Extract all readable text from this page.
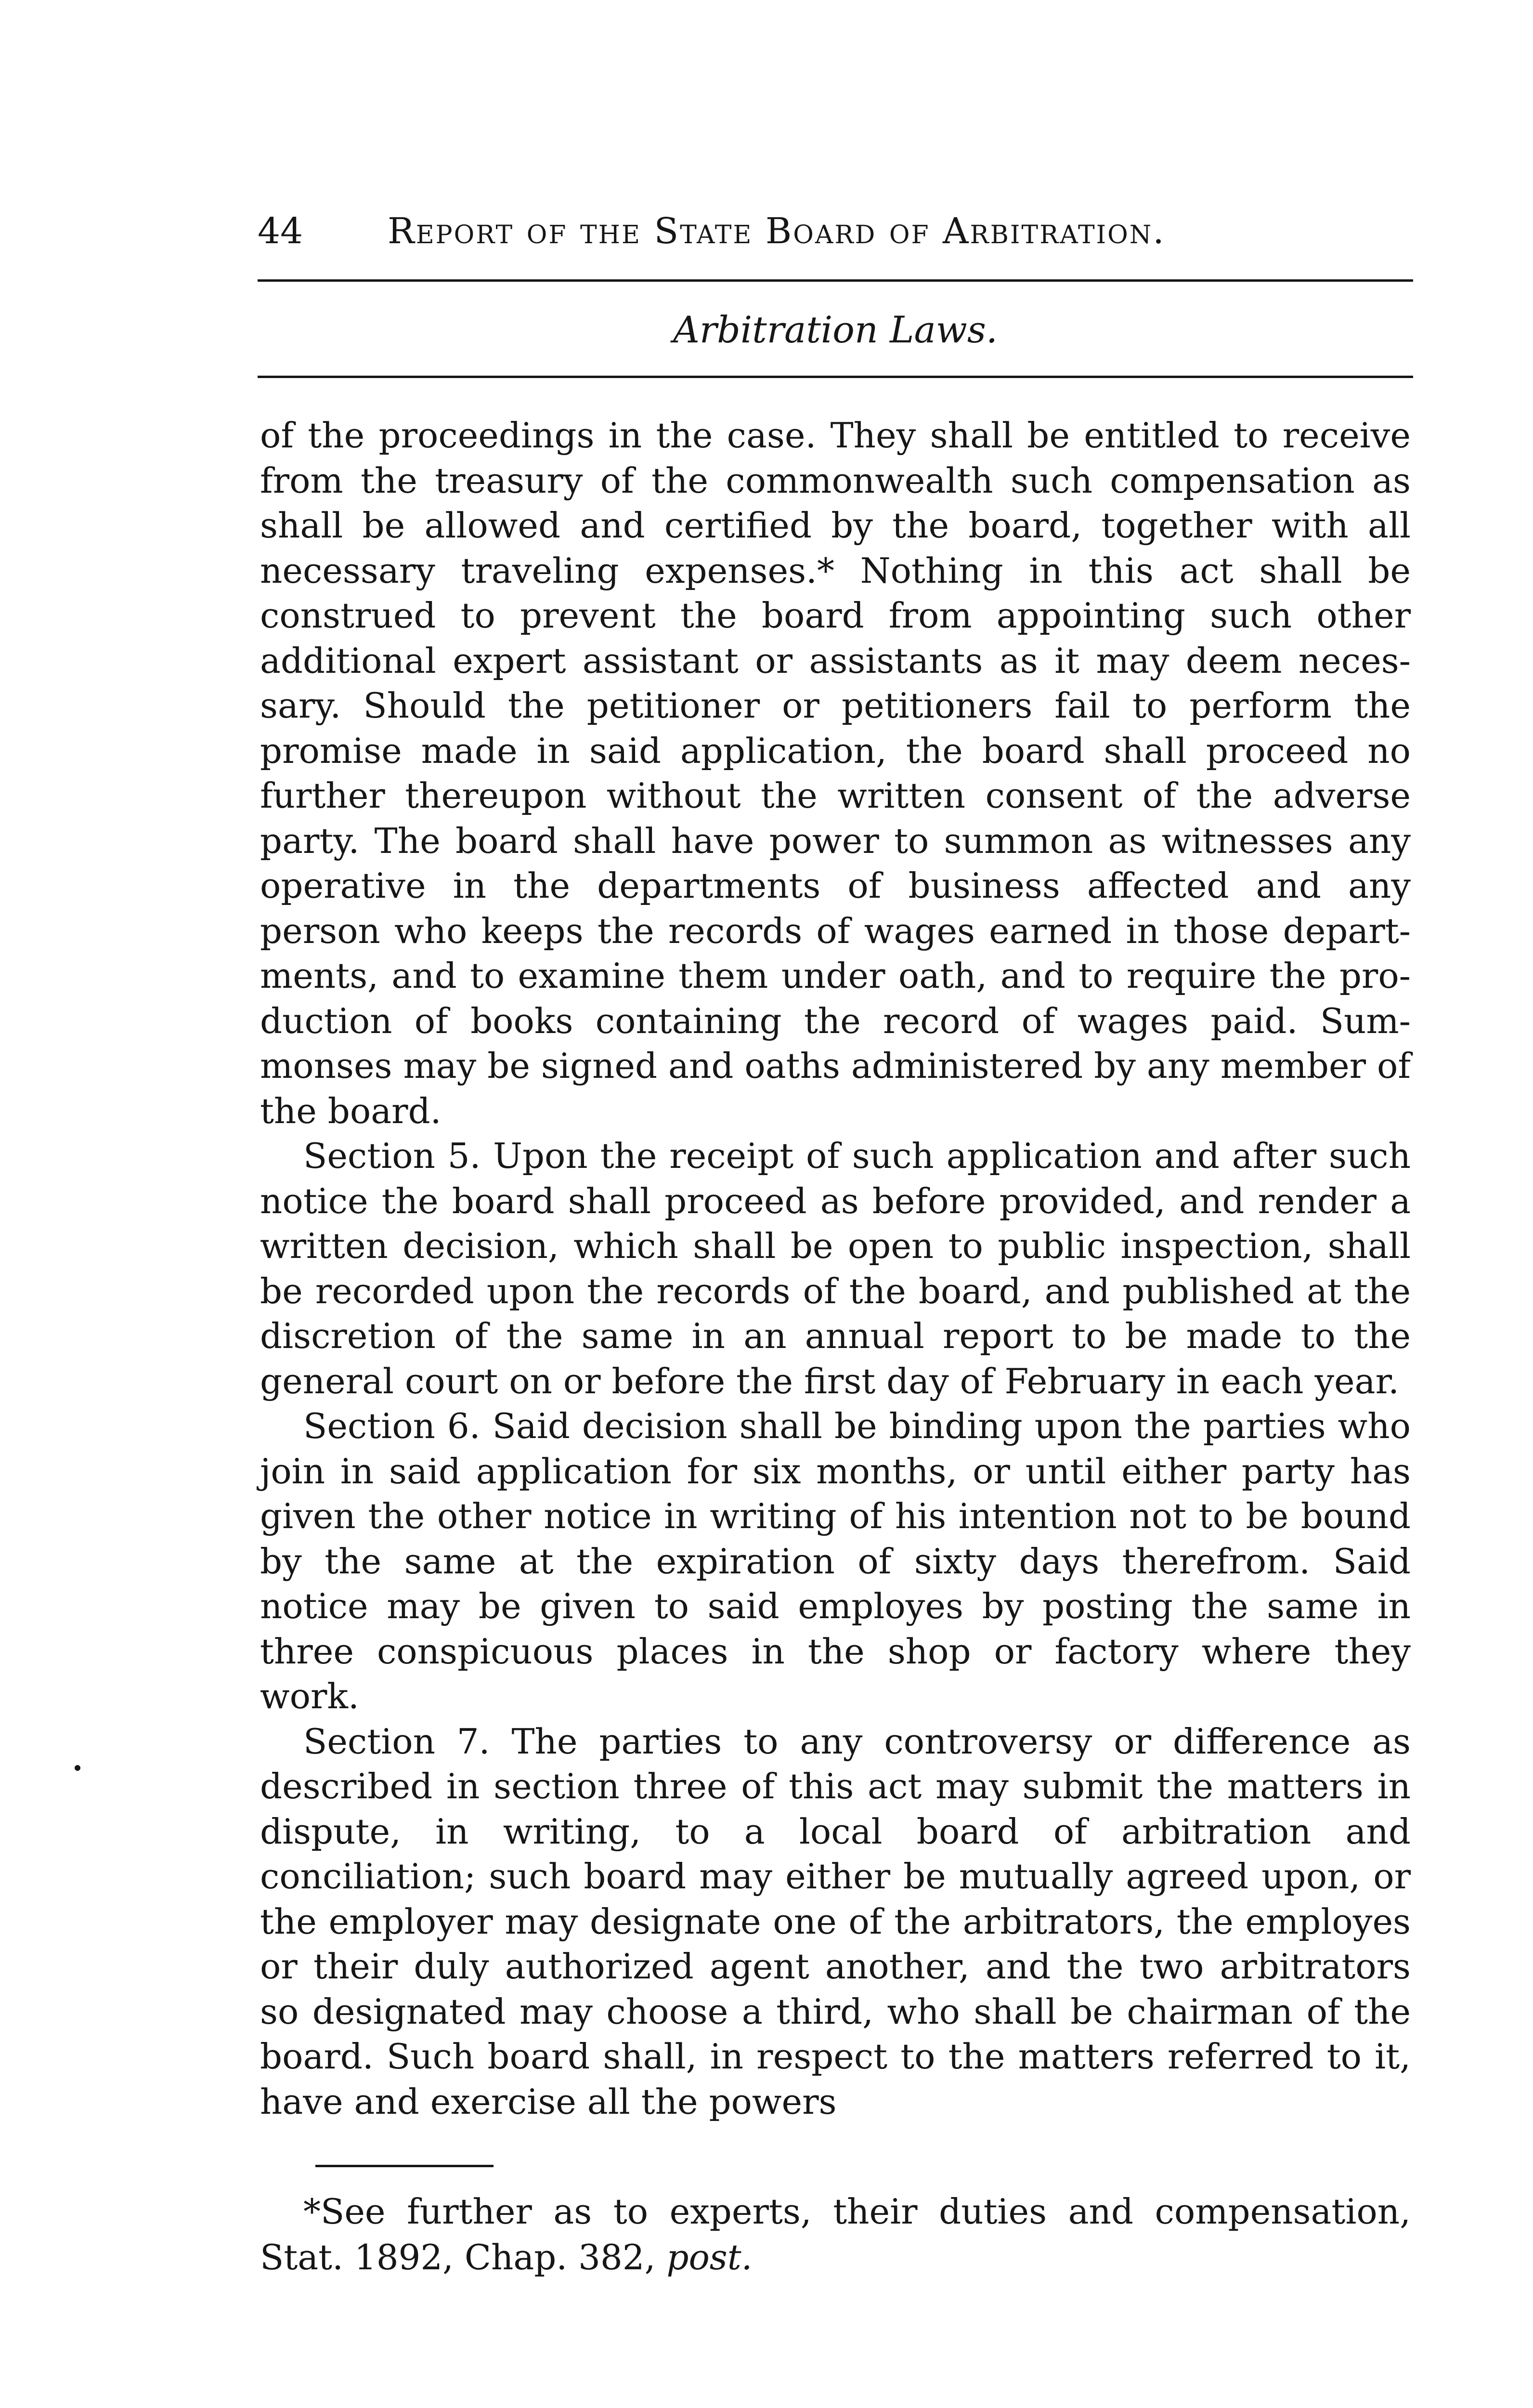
44 Report of the State Board of Arbitration.
Arbitration Laws.

of the proceedings in the case. They shall be entitled to receive from the treasury of the commonwealth such compensation as shall be allowed and certified by the board, together with all necessary traveling expenses.* Nothing in this act shall be construed to prevent the board from appointing such other additional expert assistant or assistants as it may deem necessary. Should the petitioner or petitioners fail to perform the promise made in said application, the board shall proceed no further thereupon without the written consent of the adverse party. The board shall have power to summon as witnesses any operative in the departments of business affected and any person who keeps the records of wages earned in those departments, and to examine them under oath, and to require the production of books containing the record of wages paid. Summonses may be signed and oaths administered by any member of the board.

Section 5. Upon the receipt of such application and after such notice the board shall proceed as before provided, and render a written decision, which shall be open to public inspection, shall be recorded upon the records of the board, and published at the discretion of the same in an annual report to be made to the general court on or before the first day of February in each year.

Section 6. Said decision shall be binding upon the parties who join in said application for six months, or until either party has given the other notice in writing of his intention not to be bound by the same at the expiration of sixty days therefrom. Said notice may be given to said employes by posting the same in three conspicuous places in the shop or factory where they work.

Section 7. The parties to any controversy or difference as described in section three of this act may submit the matters in dispute, in writing, to a local board of arbitration and conciliation; such board may either be mutually agreed upon, or the employer may designate one of the arbitrators, the employes or their duly authorized agent another, and the two arbitrators so designated may choose a third, who shall be chairman of the board. Such board shall, in respect to the matters referred to it, have and exercise all the powers

*See further as to experts, their duties and compensation, Stat. 1892, Chap. 382, post.
